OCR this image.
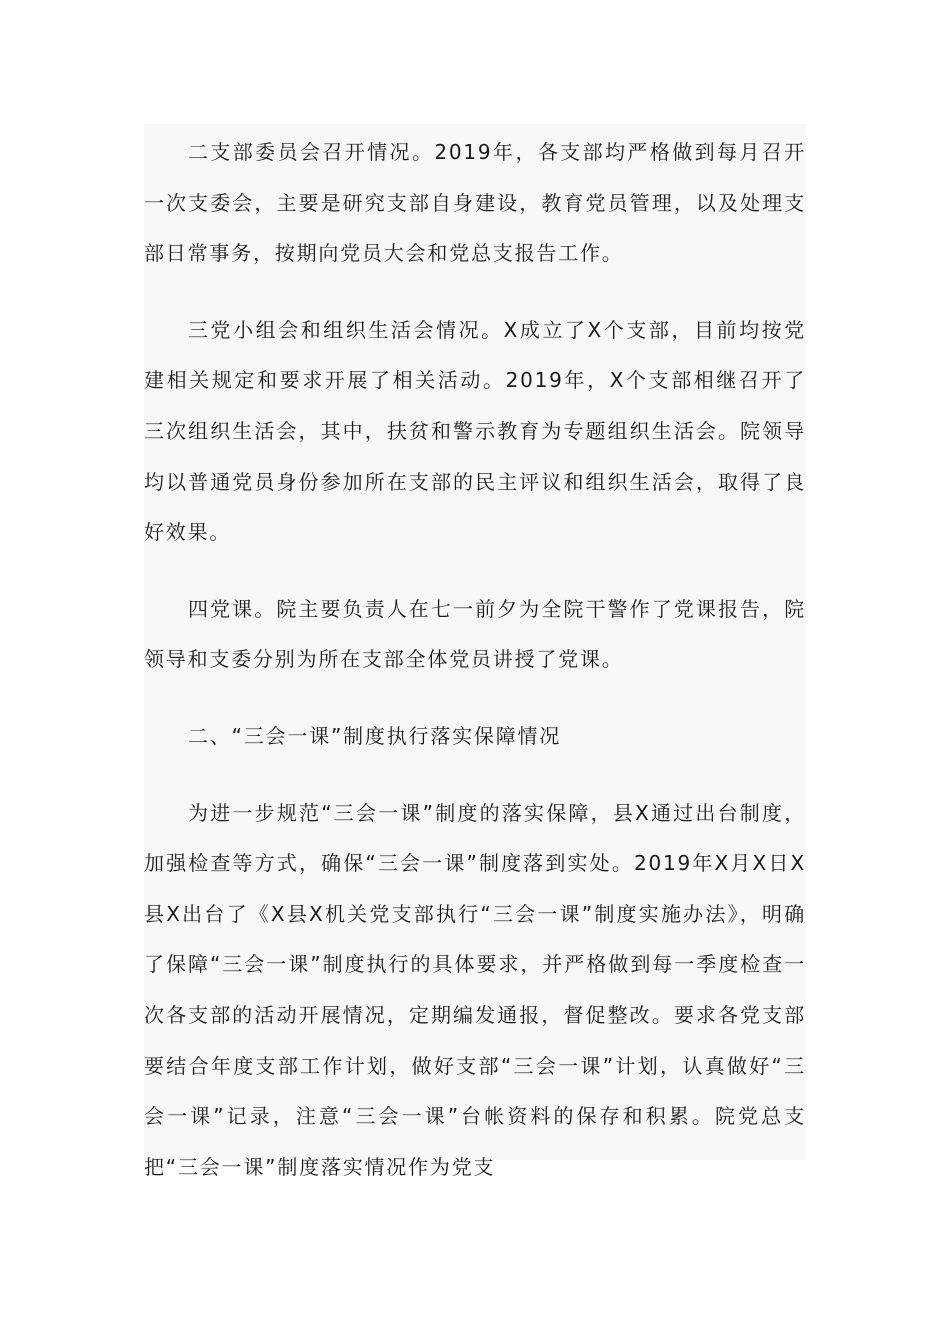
二支部委员会召开情况。2019年，各支部均严格做到每月召开一次支委会，主要是研究支部自身建设，教育党员管理，以及处理支部日常事务，按期向党员大会和党总支报告工作。

三党小组会和组织生活会情况。X成立了X个支部，目前均按党建相关规定和要求开展了相关活动。2019年，X个支部相继召开了三次组织生活会，其中，扶贫和警示教育为专题组织生活会。院领导均以普通党员身份参加所在支部的民主评议和组织生活会，取得了良好效果。

四党课。院主要负责人在七一前夕为全院干警作了党课报告，院领导和支委分别为所在支部全体党员讲授了党课。

二、“三会一课”制度执行落实保障情况

为进一步规范“三会一课”制度的落实保障，县X通过出台制度，加强检查等方式，确保“三会一课”制度落到实处。2019年X月X日X县X出台了《X县X机关党支部执行“三会一课”制度实施办法》，明确了保障“三会一课”制度执行的具体要求，并严格做到每一季度检查一次各支部的活动开展情况，定期编发通报，督促整改。要求各党支部要结合年度支部工作计划，做好支部“三会一课”计划，认真做好“三会一课”记录，注意“三会一课”台帐资料的保存和积累。院党总支把“三会一课”制度落实情况作为党支
